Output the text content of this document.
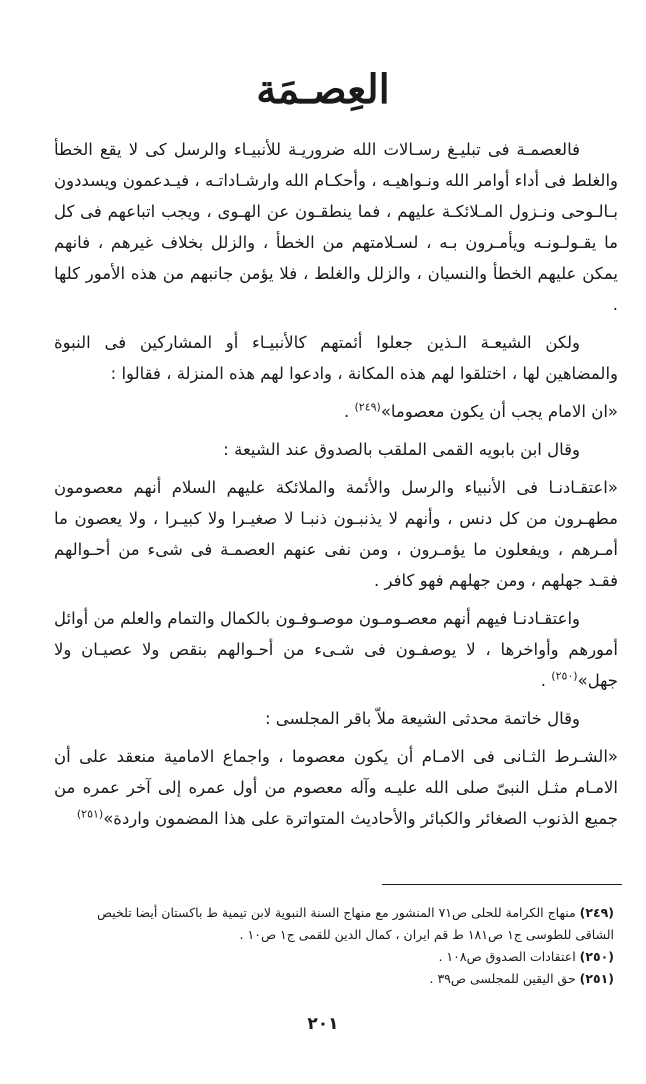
العِصـمَة

فالعصمـة فى تبليـغ رسـالات الله ضروريـة للأنبيـاء والرسل كى لا يقع الخطأ والغلط فى أداء أوامر الله ونـواهيـه ، وأحكـام الله وارشـاداتـه ، فيـدعمون ويسددون بـالـوحى ونـزول المـلائكـة عليهم ، فما ينطقـون عن الهـوى ، ويجب اتباعهم فى كل ما يقـولـونـه ويأمـرون بـه ، لسـلامتهم من الخطأ ، والزلل بخلاف غيرهم ، فانهم يمكن عليهم الخطأ والنسيان ، والزلل والغلط ، فلا يؤمن جانبهم من هذه الأمور كلها .

ولكن الشيعـة الـذين جعلوا أئمتهم كالأنبيـاء أو المشاركين فى النبوة والمضاهين لها ، اختلقوا لهم هذه المكانة ، وادعوا لهم هذه المنزلة ، فقالوا :

«ان الامام يجب أن يكون معصوما»$^{(٢٤٩)}$ .

وقال ابن بابويه القمى الملقب بالصدوق عند الشيعة :

«اعتقـادنـا فى الأنبياء والرسل والأئمة والملائكة عليهم السلام أنهم معصومون مطهـرون من كل دنس ، وأنهم لا يذنبـون ذنبـا لا صغيـرا ولا كبيـرا ، ولا يعصون ما أمـرهم ، ويفعلون ما يؤمـرون ، ومن نفى عنهم العصمـة فى شىء من أحـوالهم فقـد جهلهم ، ومن جهلهم فهو كافر .

واعتقـادنـا فيهم أنهم معصـومـون موصـوفـون بالكمال والتمام والعلم من أوائل أمورهم وأواخرها ، لا يوصفـون فى شـىء من أحـوالهم بنقص ولا عصيـان ولا جهل»$^{(٢٥٠)}$ .

وقال خاتمة محدثى الشيعة ملاّ باقر المجلسى :

«الشـرط الثـانى فى الامـام أن يكون معصوما ، واجماع الامامية منعقد على أن الامـام مثـل النبىّ صلى الله عليـه وآله معصوم من أول عمره إلى آخر عمره من جميع الذنوب الصغائر والكبائر والأحاديث المتواترة على هذا المضمون واردة»$^{(٢٥١)}$

(٢٤٩) منهاج الكرامة للحلى ص٧١ المنشور مع منهاج السنة النبوية لابن تيمية ط باكستان أيضا تلخيص

الشاقى للطوسى ج١ ص١٨١ ط قم ايران ، كمال الدين للقمى ج١ ص١٠ .

(٢٥٠) اعتقادات الصدوق ص١٠٨ .

(٢٥١) حق اليقين للمجلسى ص٣٩ .

٢٠١
